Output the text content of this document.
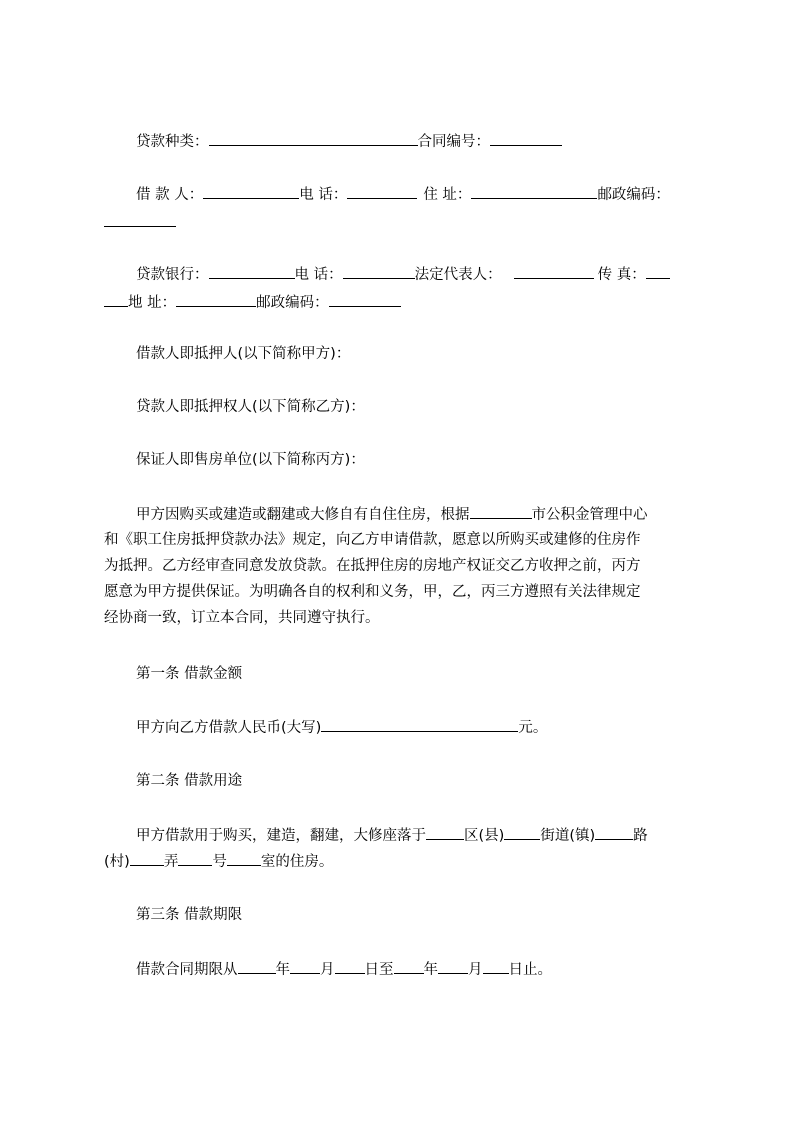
贷款种类：	合同编号：
借 款 人：	电 话：	住 址：	邮政编码：
贷款银行：	电 话：	法定代表人：	传 真：
地 址：	邮政编码：
借款人即抵押人(以下简称甲方)：
贷款人即抵押权人(以下简称乙方)：
保证人即售房单位(以下简称丙方)：
甲方因购买或建造或翻建或大修自有自住住房，根据	市公积金管理中心
和《职工住房抵押贷款办法》规定，向乙方申请借款，愿意以所购买或建修的住房作
为抵押。乙方经审查同意发放贷款。在抵押住房的房地产权证交乙方收押之前，丙方
愿意为甲方提供保证。为明确各自的权利和义务，甲，乙，丙三方遵照有关法律规定
经协商一致，订立本合同，共同遵守执行。
第一条 借款金额
甲方向乙方借款人民币(大写)	元。
第二条 借款用途
甲方借款用于购买，建造，翻建，大修座落于	区(县) 街道(镇)	路
(村) 弄 号 室的住房。
第三条 借款期限
借款合同期限从	年 月 日至 年 月 日止。
